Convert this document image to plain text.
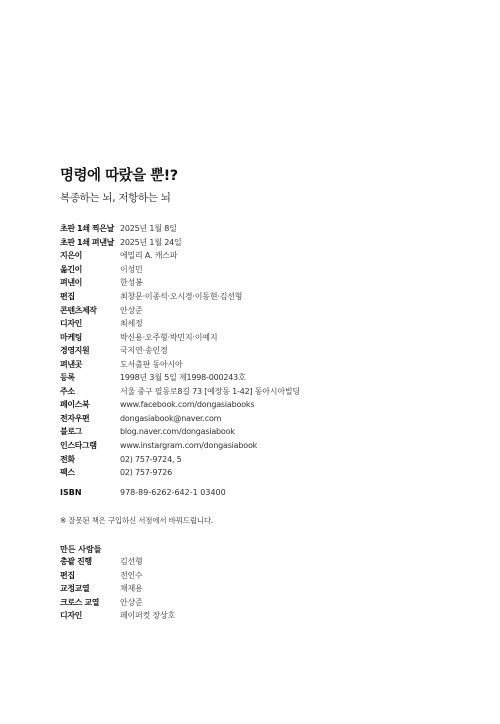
명령에 따랐을 뿐!?
복종하는 뇌, 저항하는 뇌
초판 1쇄 찍은날 2025년 1월 8일
초판 1쇄 펴낸날 2025년 1월 24일
지은이	에밀리 A. 캐스파
옮긴이	이성민
펴낸이	한성봉
편집	최창문·이종석·오시경·이동현·김선형
콘텐츠제작	안상준
디자인	최세정
마케팅	박신용·오주형·박민지·이예지
경영지원	국지연·송인경
펴낸곳	도서출판 동아시아
등록	1998년 3월 5일 제1998-000243호
주소	서울 중구 필동로8길 73 [예장동 1-42] 동아시아빌딩
페이스북	www.facebook.com/dongasiabooks
전자우편	dongasiabook@naver.com
블로그	blog.naver.com/dongasiabook
인스타그램	www.instargram.com/dongasiabook
전화	02) 757-9724, 5
팩스	02) 757-9726
ISBN	978-89-6262-642-1 03400
※ 잘못된 책은 구입하신 서점에서 바꿔드립니다.
만든 사람들
총괄 진행	김선형
편집	전인수
교정교열	채재용
크로스 교열	안상준
디자인	페이퍼컷 장상호
